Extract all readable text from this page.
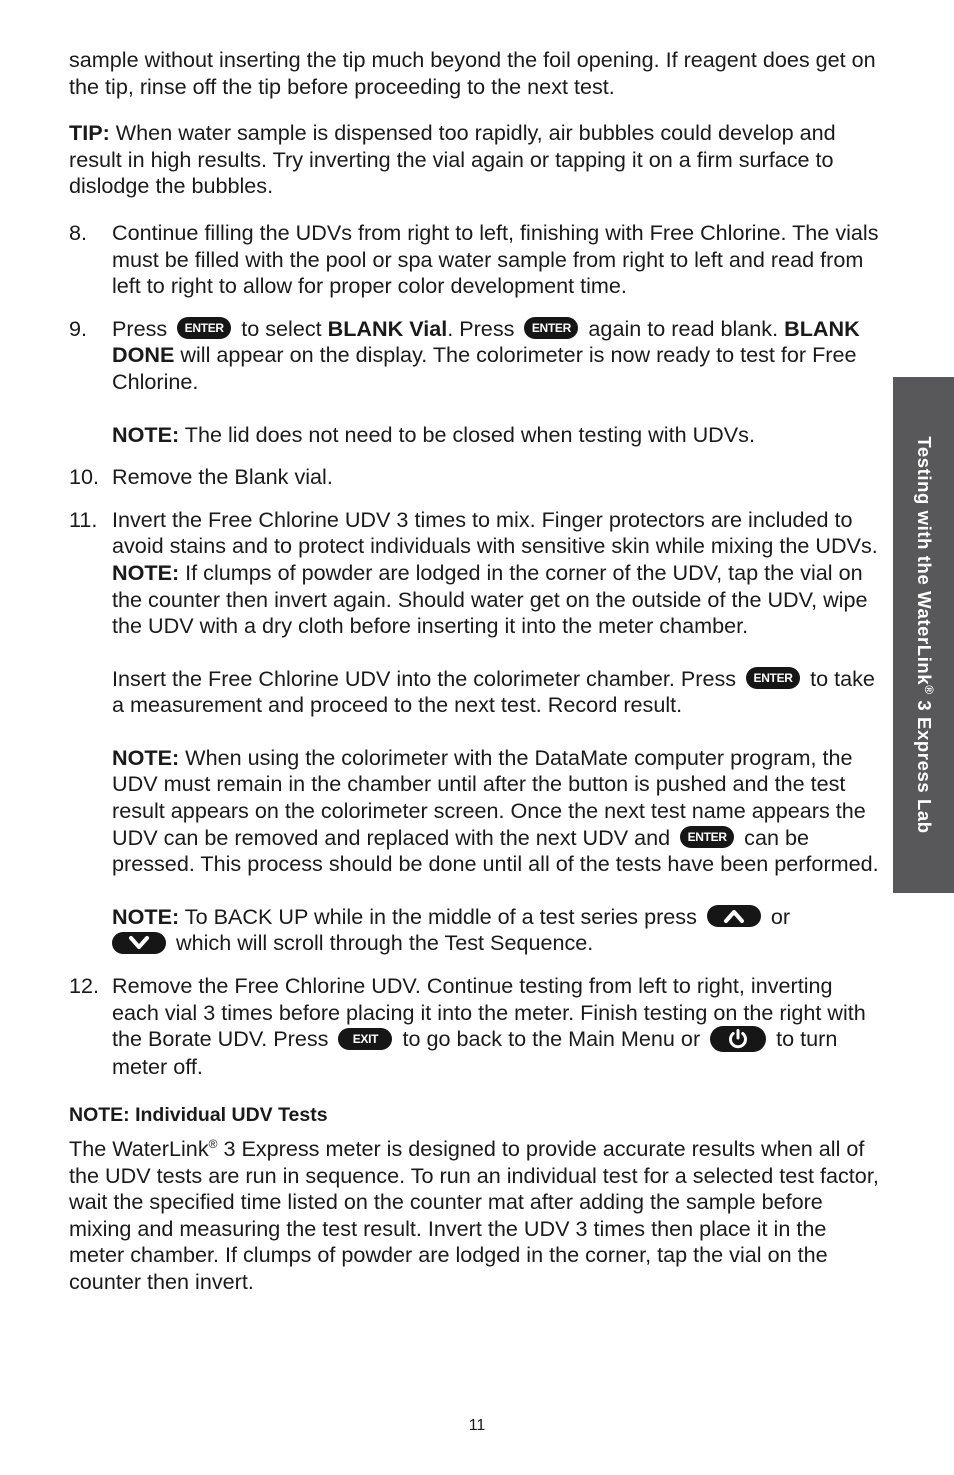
sample without inserting the tip much beyond the foil opening. If reagent does get on the tip, rinse off the tip before proceeding to the next test.

TIP: When water sample is dispensed too rapidly, air bubbles could develop and result in high results. Try inverting the vial again or tapping it on a firm surface to dislodge the bubbles.

8. Continue filling the UDVs from right to left, finishing with Free Chlorine. The vials must be filled with the pool or spa water sample from right to left and read from left to right to allow for proper color development time.

9. Press ENTER to select BLANK Vial. Press ENTER again to read blank. BLANK DONE will appear on the display. The colorimeter is now ready to test for Free Chlorine.

NOTE: The lid does not need to be closed when testing with UDVs.

10. Remove the Blank vial.

11. Invert the Free Chlorine UDV 3 times to mix. Finger protectors are included to avoid stains and to protect individuals with sensitive skin while mixing the UDVs.

NOTE: If clumps of powder are lodged in the corner of the UDV, tap the vial on the counter then invert again. Should water get on the outside of the UDV, wipe the UDV with a dry cloth before inserting it into the meter chamber.

Insert the Free Chlorine UDV into the colorimeter chamber. Press ENTER to take a measurement and proceed to the next test. Record result.

NOTE: When using the colorimeter with the DataMate computer program, the UDV must remain in the chamber until after the button is pushed and the test result appears on the colorimeter screen. Once the next test name appears the UDV can be removed and replaced with the next UDV and ENTER can be pressed. This process should be done until all of the tests have been performed.

NOTE: To BACK UP while in the middle of a test series press	or

which will scroll through the Test Sequence.

12. Remove the Free Chlorine UDV. Continue testing from left to right, inverting each vial 3 times before placing it into the meter. Finish testing on the right with the Borate UDV. Press EXIT to go back to the Main Menu or	to turn meter off.

NOTE: Individual UDV Tests

The WaterLink® 3 Express meter is designed to provide accurate results when all of the UDV tests are run in sequence. To run an individual test for a selected test factor, wait the specified time listed on the counter mat after adding the sample before mixing and measuring the test result. Invert the UDV 3 times then place it in the meter chamber. If clumps of powder are lodged in the corner, tap the vial on the counter then invert.

Testing with the WaterLink® 3 Express Lab
11
